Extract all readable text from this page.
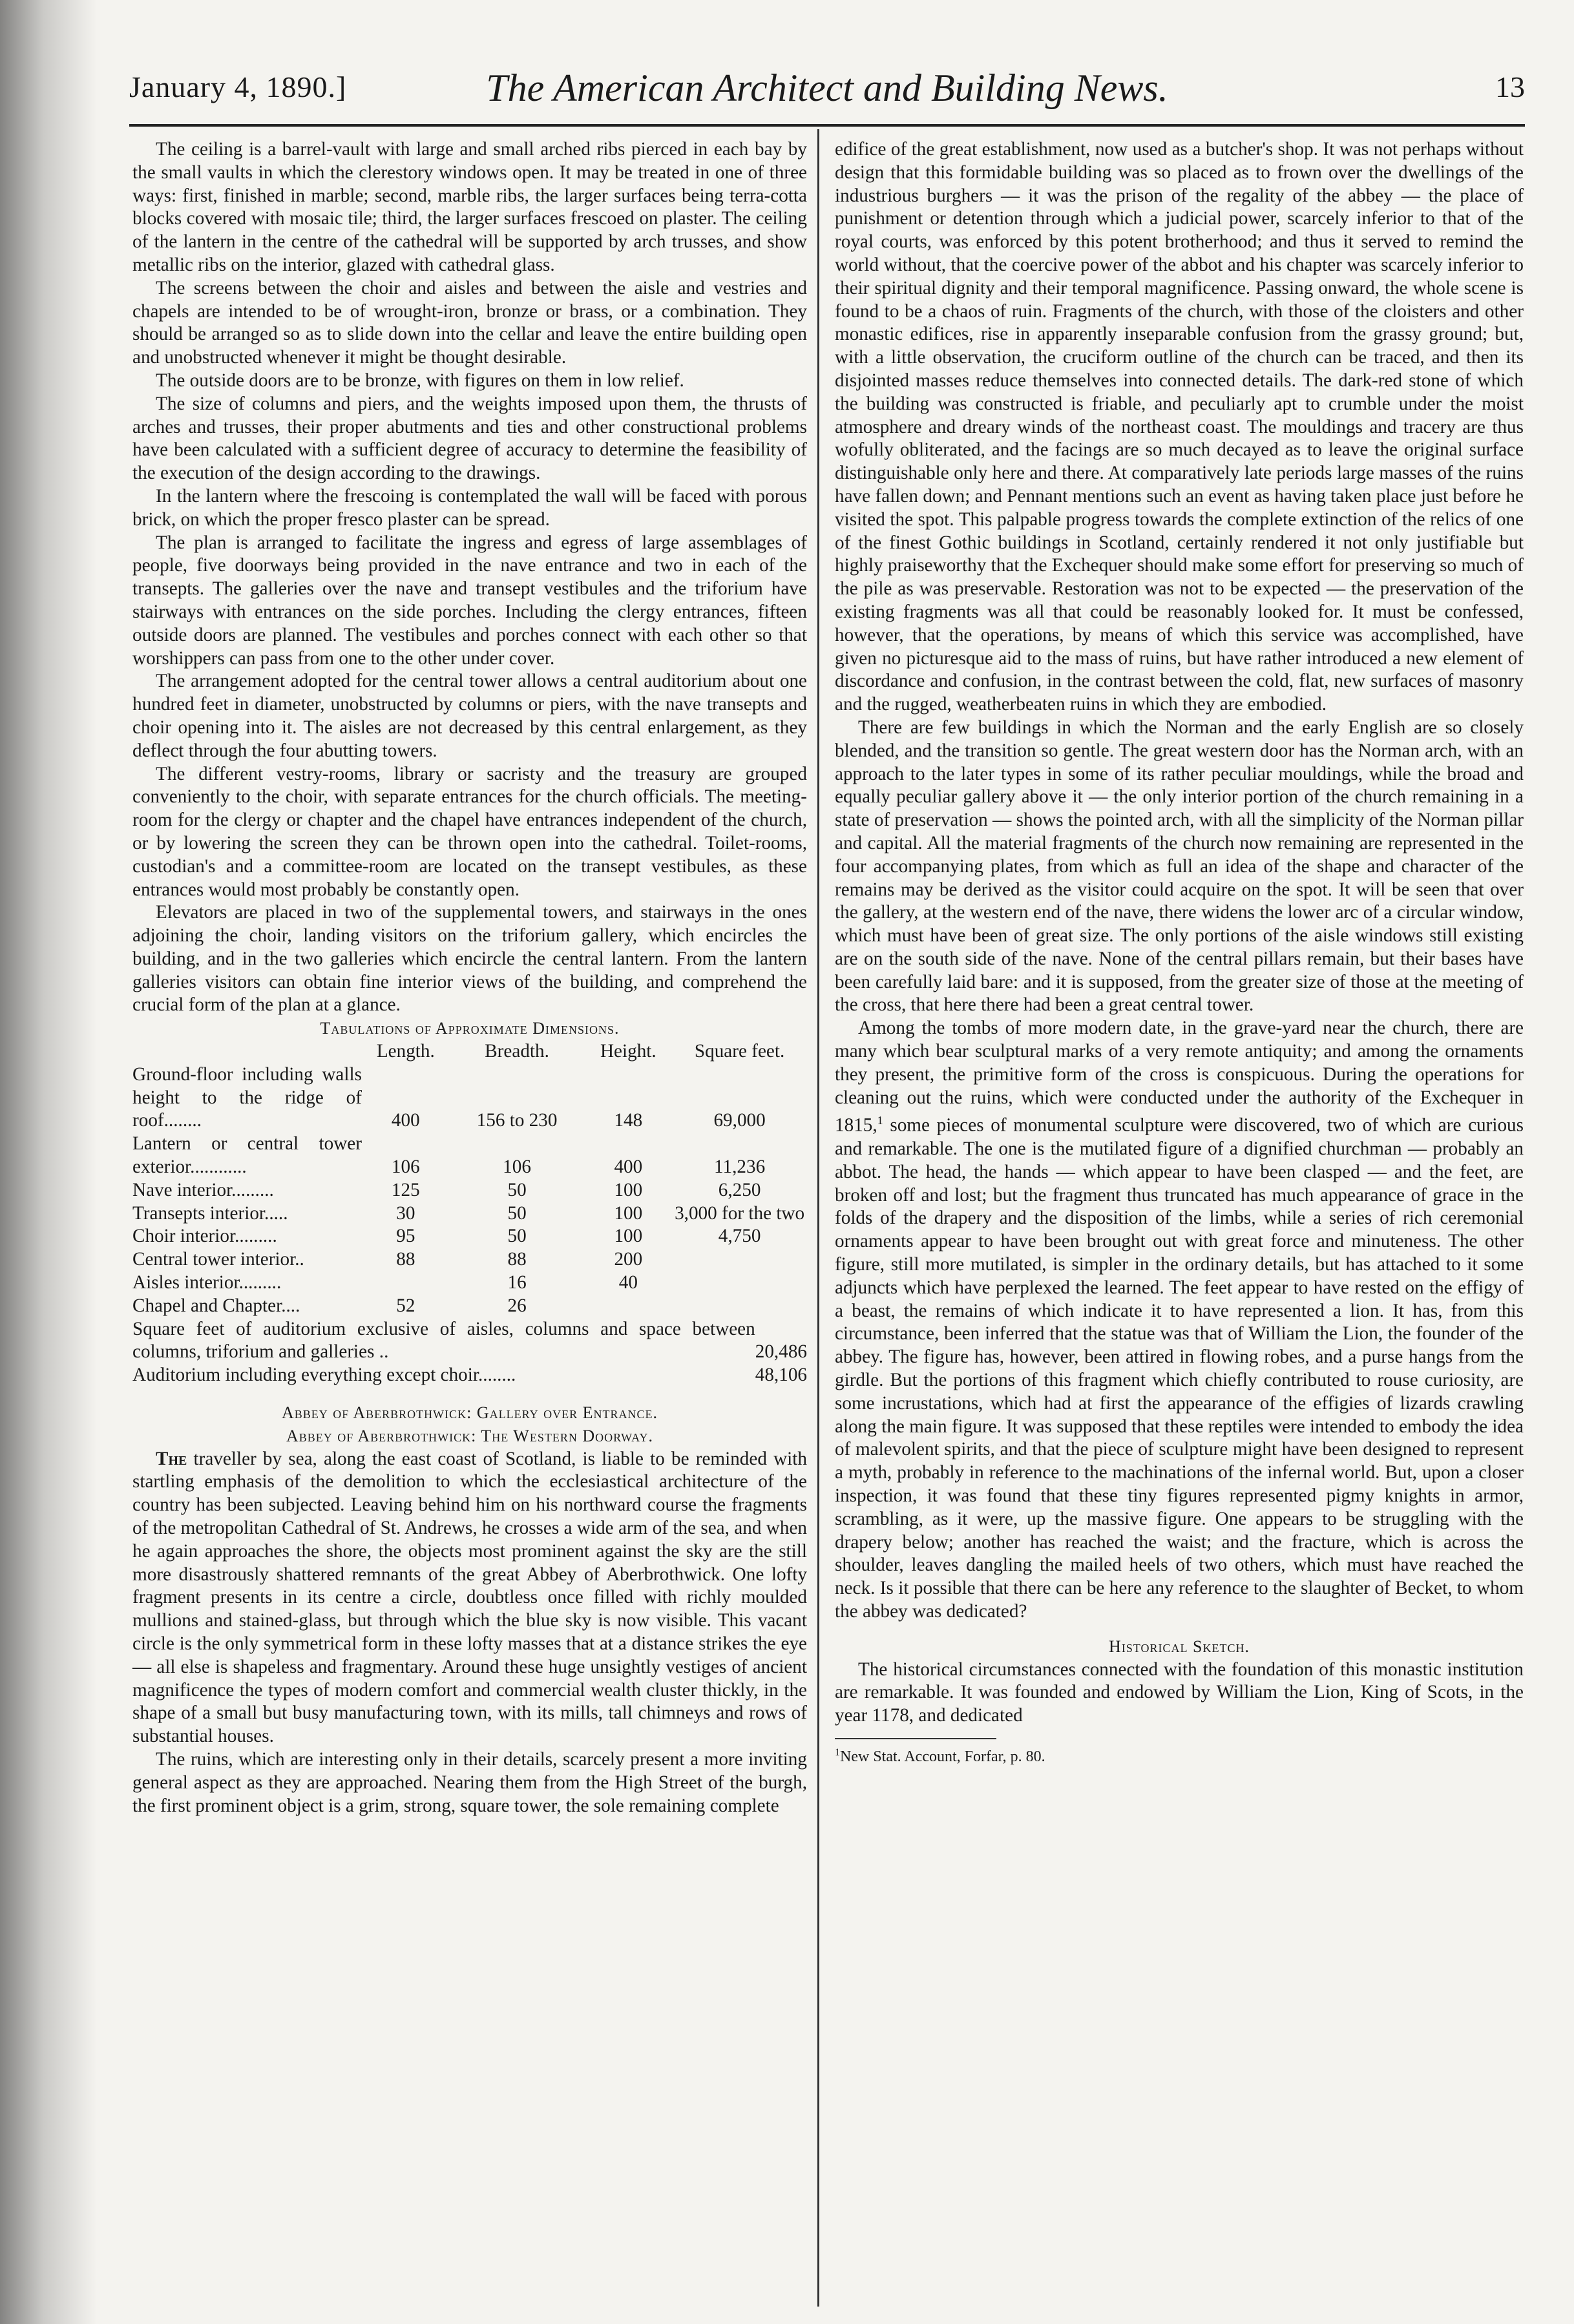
January 4, 1890.]	The American Architect and Building News.	13

The ceiling is a barrel-vault with large and small arched ribs pierced in each bay by the small vaults in which the clerestory windows open. It may be treated in one of three ways: first, finished in marble; second, marble ribs, the larger surfaces being terra-cotta blocks covered with mosaic tile; third, the larger surfaces frescoed on plaster. The ceiling of the lantern in the centre of the cathedral will be supported by arch trusses, and show metallic ribs on the interior, glazed with cathedral glass.

The screens between the choir and aisles and between the aisle and vestries and chapels are intended to be of wrought-iron, bronze or brass, or a combination. They should be arranged so as to slide down into the cellar and leave the entire building open and unobstructed whenever it might be thought desirable.

The outside doors are to be bronze, with figures on them in low relief.

The size of columns and piers, and the weights imposed upon them, the thrusts of arches and trusses, their proper abutments and ties and other constructional problems have been calculated with a sufficient degree of accuracy to determine the feasibility of the execution of the design according to the drawings.

In the lantern where the frescoing is contemplated the wall will be faced with porous brick, on which the proper fresco plaster can be spread.

The plan is arranged to facilitate the ingress and egress of large assemblages of people, five doorways being provided in the nave entrance and two in each of the transepts. The galleries over the nave and transept vestibules and the triforium have stairways with entrances on the side porches. Including the clergy entrances, fifteen outside doors are planned. The vestibules and porches connect with each other so that worshippers can pass from one to the other under cover.

The arrangement adopted for the central tower allows a central auditorium about one hundred feet in diameter, unobstructed by columns or piers, with the nave transepts and choir opening into it. The aisles are not decreased by this central enlargement, as they deflect through the four abutting towers.

The different vestry-rooms, library or sacristy and the treasury are grouped conveniently to the choir, with separate entrances for the church officials. The meeting-room for the clergy or chapter and the chapel have entrances independent of the church, or by lowering the screen they can be thrown open into the cathedral. Toilet-rooms, custodian's and a committee-room are located on the transept vestibules, as these entrances would most probably be constantly open.

Elevators are placed in two of the supplemental towers, and stairways in the ones adjoining the choir, landing visitors on the triforium gallery, which encircles the building, and in the two galleries which encircle the central lantern. From the lantern galleries visitors can obtain fine interior views of the building, and comprehend the crucial form of the plan at a glance.

Tabulations of Approximate Dimensions.

	Length.	Breadth.	Height.	Square feet.
Ground-floor including walls height to the ridge of roof........	400	156 to 230	148	69,000
Lantern or central tower exterior............	106	106	400	11,236
Nave interior.........	125	50	100	6,250
Transepts interior.....	30	50	100	3,000 for the two
Choir interior.........	95	50	100	4,750
Central tower interior..	88	88	200	
Aisles interior.........		16	40	
Chapel and Chapter....	52	26		
Square feet of auditorium exclusive of aisles, columns and space between columns, triforium and galleries ..	20,486
Auditorium including everything except choir........	48,106

Abbey of Aberbrothwick: Gallery over Entrance.

Abbey of Aberbrothwick: The Western Doorway.

The traveller by sea, along the east coast of Scotland, is liable to be reminded with startling emphasis of the demolition to which the ecclesiastical architecture of the country has been subjected. Leaving behind him on his northward course the fragments of the metropolitan Cathedral of St. Andrews, he crosses a wide arm of the sea, and when he again approaches the shore, the objects most prominent against the sky are the still more disastrously shattered remnants of the great Abbey of Aberbrothwick. One lofty fragment presents in its centre a circle, doubtless once filled with richly moulded mullions and stained-glass, but through which the blue sky is now visible. This vacant circle is the only symmetrical form in these lofty masses that at a distance strikes the eye — all else is shapeless and fragmentary. Around these huge unsightly vestiges of ancient magnificence the types of modern comfort and commercial wealth cluster thickly, in the shape of a small but busy manufacturing town, with its mills, tall chimneys and rows of substantial houses.

The ruins, which are interesting only in their details, scarcely present a more inviting general aspect as they are approached. Nearing them from the High Street of the burgh, the first prominent object is a grim, strong, square tower, the sole remaining complete

edifice of the great establishment, now used as a butcher's shop. It was not perhaps without design that this formidable building was so placed as to frown over the dwellings of the industrious burghers — it was the prison of the regality of the abbey — the place of punishment or detention through which a judicial power, scarcely inferior to that of the royal courts, was enforced by this potent brotherhood; and thus it served to remind the world without, that the coercive power of the abbot and his chapter was scarcely inferior to their spiritual dignity and their temporal magnificence. Passing onward, the whole scene is found to be a chaos of ruin. Fragments of the church, with those of the cloisters and other monastic edifices, rise in apparently inseparable confusion from the grassy ground; but, with a little observation, the cruciform outline of the church can be traced, and then its disjointed masses reduce themselves into connected details. The dark-red stone of which the building was constructed is friable, and peculiarly apt to crumble under the moist atmosphere and dreary winds of the northeast coast. The mouldings and tracery are thus wofully obliterated, and the facings are so much decayed as to leave the original surface distinguishable only here and there. At comparatively late periods large masses of the ruins have fallen down; and Pennant mentions such an event as having taken place just before he visited the spot. This palpable progress towards the complete extinction of the relics of one of the finest Gothic buildings in Scotland, certainly rendered it not only justifiable but highly praiseworthy that the Exchequer should make some effort for preserving so much of the pile as was preservable. Restoration was not to be expected — the preservation of the existing fragments was all that could be reasonably looked for. It must be confessed, however, that the operations, by means of which this service was accomplished, have given no picturesque aid to the mass of ruins, but have rather introduced a new element of discordance and confusion, in the contrast between the cold, flat, new surfaces of masonry and the rugged, weatherbeaten ruins in which they are embodied.

There are few buildings in which the Norman and the early English are so closely blended, and the transition so gentle. The great western door has the Norman arch, with an approach to the later types in some of its rather peculiar mouldings, while the broad and equally peculiar gallery above it — the only interior portion of the church remaining in a state of preservation — shows the pointed arch, with all the simplicity of the Norman pillar and capital. All the material fragments of the church now remaining are represented in the four accompanying plates, from which as full an idea of the shape and character of the remains may be derived as the visitor could acquire on the spot. It will be seen that over the gallery, at the western end of the nave, there widens the lower arc of a circular window, which must have been of great size. The only portions of the aisle windows still existing are on the south side of the nave. None of the central pillars remain, but their bases have been carefully laid bare: and it is supposed, from the greater size of those at the meeting of the cross, that here there had been a great central tower.

Among the tombs of more modern date, in the grave-yard near the church, there are many which bear sculptural marks of a very remote antiquity; and among the ornaments they present, the primitive form of the cross is conspicuous. During the operations for cleaning out the ruins, which were conducted under the authority of the Exchequer in 1815,$^1$ some pieces of monumental sculpture were discovered, two of which are curious and remarkable. The one is the mutilated figure of a dignified churchman — probably an abbot. The head, the hands — which appear to have been clasped — and the feet, are broken off and lost; but the fragment thus truncated has much appearance of grace in the folds of the drapery and the disposition of the limbs, while a series of rich ceremonial ornaments appear to have been brought out with great force and minuteness. The other figure, still more mutilated, is simpler in the ordinary details, but has attached to it some adjuncts which have perplexed the learned. The feet appear to have rested on the effigy of a beast, the remains of which indicate it to have represented a lion. It has, from this circumstance, been inferred that the statue was that of William the Lion, the founder of the abbey. The figure has, however, been attired in flowing robes, and a purse hangs from the girdle. But the portions of this fragment which chiefly contributed to rouse curiosity, are some incrustations, which had at first the appearance of the effigies of lizards crawling along the main figure. It was supposed that these reptiles were intended to embody the idea of malevolent spirits, and that the piece of sculpture might have been designed to represent a myth, probably in reference to the machinations of the infernal world. But, upon a closer inspection, it was found that these tiny figures represented pigmy knights in armor, scrambling, as it were, up the massive figure. One appears to be struggling with the drapery below; another has reached the waist; and the fracture, which is across the shoulder, leaves dangling the mailed heels of two others, which must have reached the neck. Is it possible that there can be here any reference to the slaughter of Becket, to whom the abbey was dedicated?

Historical Sketch.

The historical circumstances connected with the foundation of this monastic institution are remarkable. It was founded and endowed by William the Lion, King of Scots, in the year 1178, and dedicated

$^1$New Stat. Account, Forfar, p. 80.
